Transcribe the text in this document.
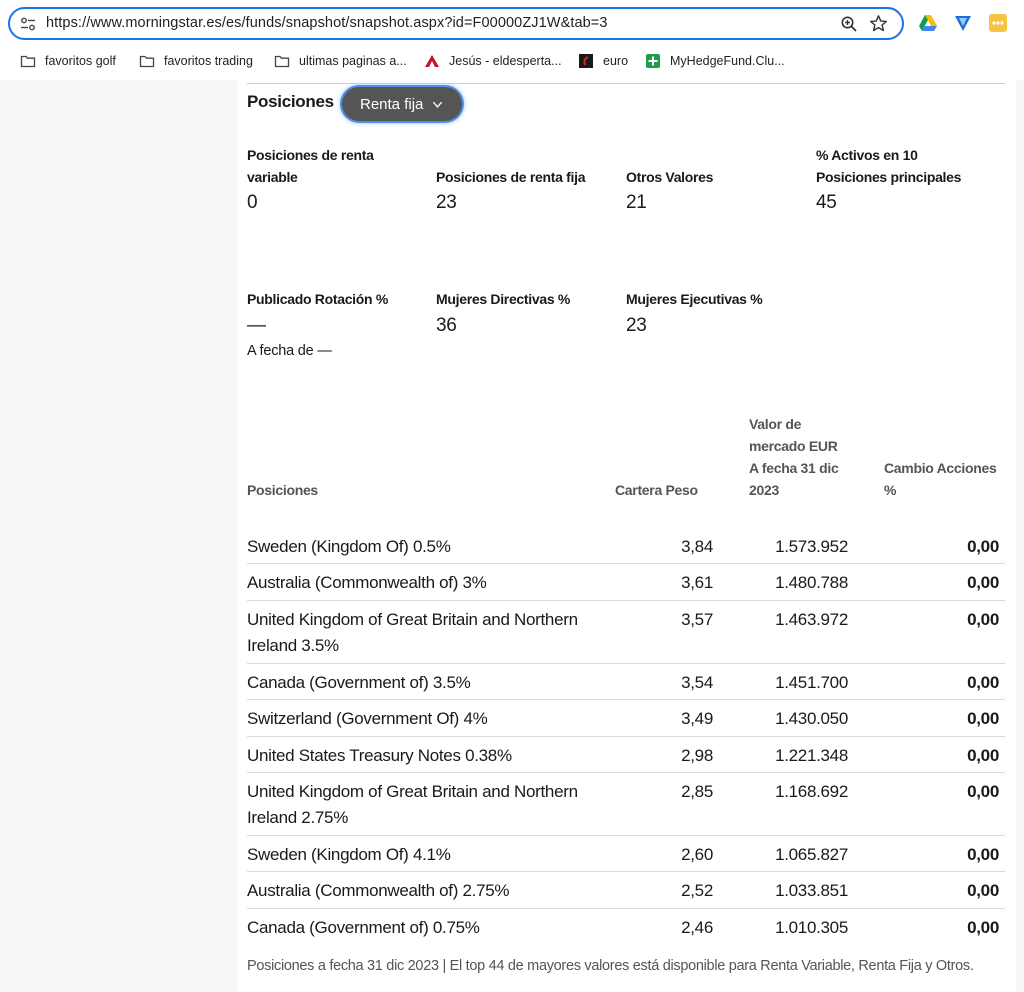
https://www.morningstar.es/es/funds/snapshot/snapshot.aspx?id=F00000ZJ1W&tab=3
favoritos golf	favoritos trading	ultimas paginas a...	Jesús - eldesperta...	euro	MyHedgeFund.Clu...
Posiciones Renta fija
Posiciones de renta variable
0
Posiciones de renta fija
23
Otros Valores
21
% Activos en 10 Posiciones principales
45
Publicado Rotación %
—
A fecha de —
Mujeres Directivas %
36
Mujeres Ejecutivas %
23
Posiciones	Cartera Peso
Valor de mercado EUR A fecha 31 dic 2023
Cambio Acciones %
Sweden (Kingdom Of) 0.5%	3,84	1.573.952	0,00
Australia (Commonwealth of) 3%	3,61	1.480.788	0,00
United Kingdom of Great Britain and Northern Ireland 3.5%
3,57	1.463.972	0,00
Canada (Government of) 3.5%	3,54	1.451.700	0,00
Switzerland (Government Of) 4%	3,49	1.430.050	0,00
United States Treasury Notes 0.38%	2,98	1.221.348	0,00
United Kingdom of Great Britain and Northern Ireland 2.75%
2,85	1.168.692	0,00
Sweden (Kingdom Of) 4.1%	2,60	1.065.827	0,00
Australia (Commonwealth of) 2.75%	2,52	1.033.851	0,00
Canada (Government of) 0.75%	2,46	1.010.305	0,00
Posiciones a fecha 31 dic 2023 | El top 44 de mayores valores está disponible para Renta Variable, Renta Fija y Otros.
